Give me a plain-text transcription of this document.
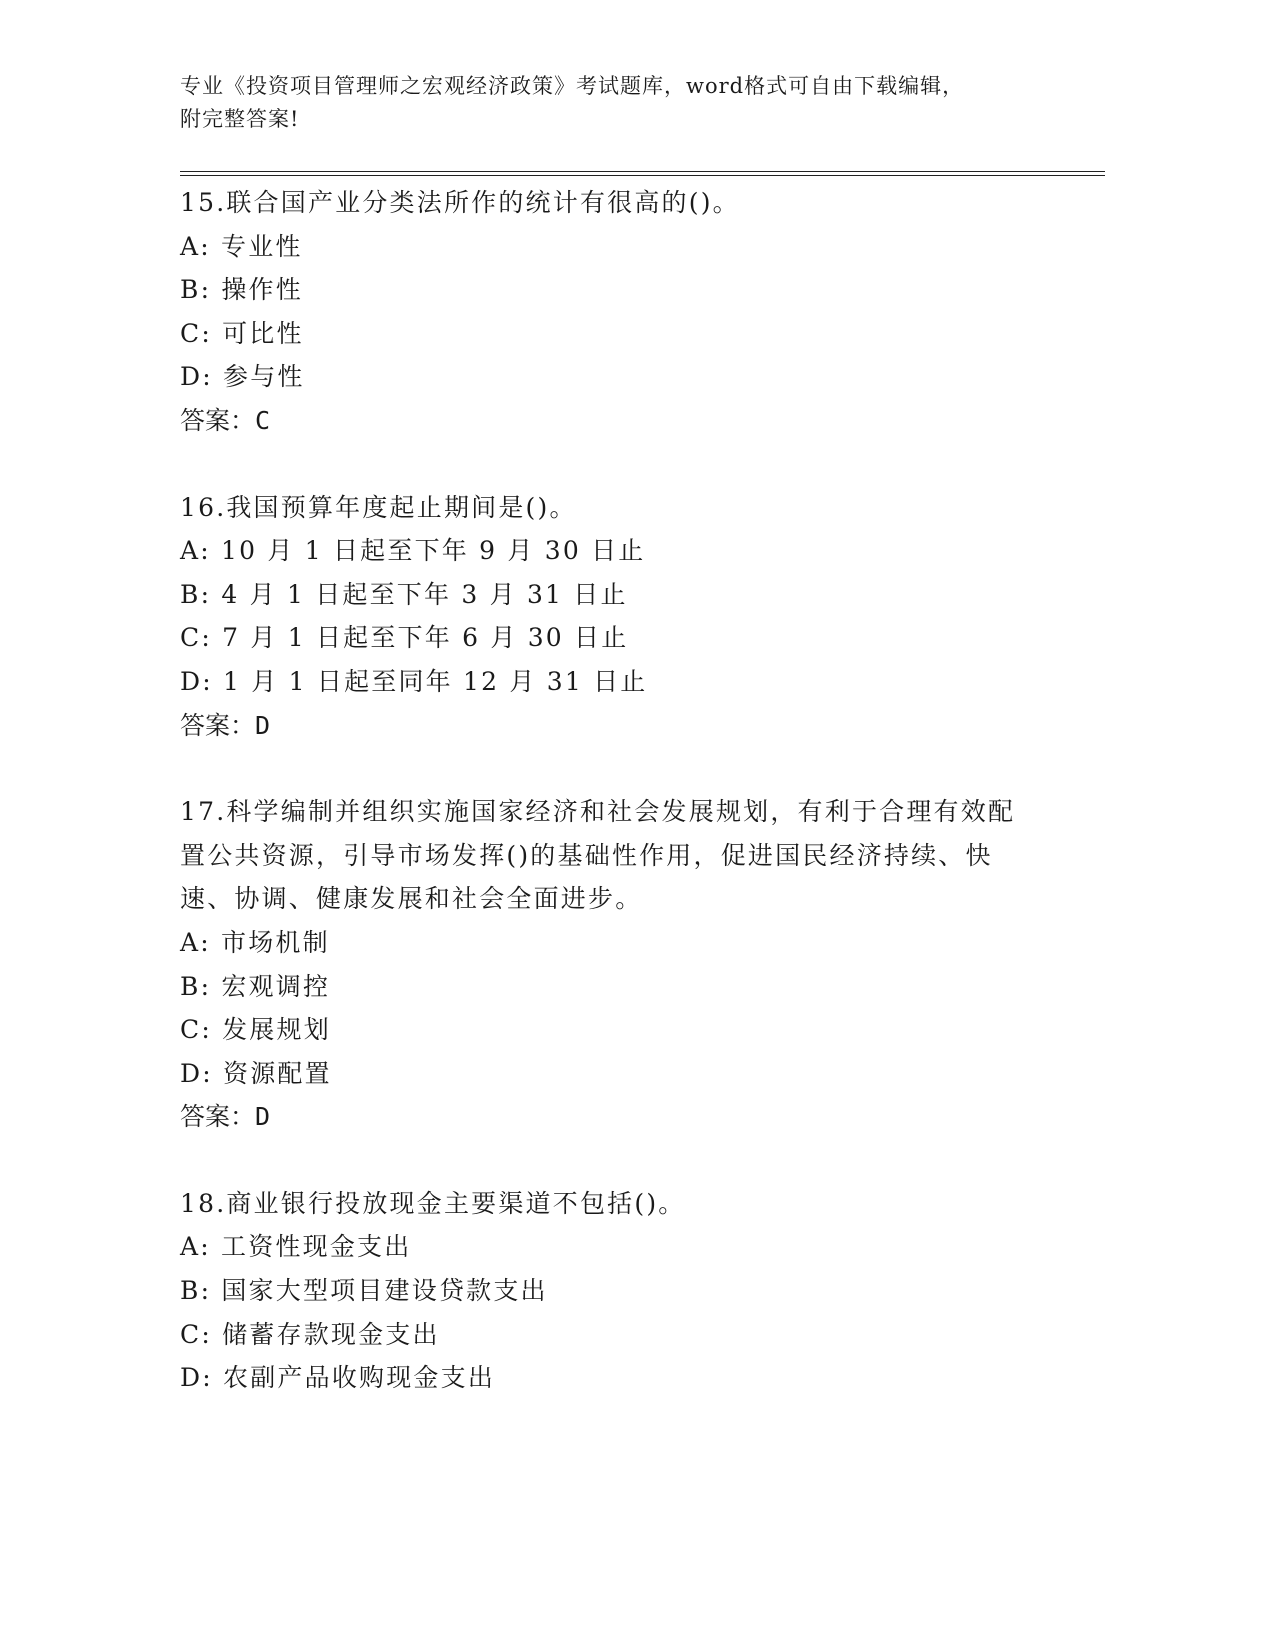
专业《投资项目管理师之宏观经济政策》考试题库，word格式可自由下载编辑，
附完整答案!
15.联合国产业分类法所作的统计有很高的()。
A: 专业性
B: 操作性
C: 可比性
D: 参与性
答案：C
16.我国预算年度起止期间是()。
A: 10 月 1 日起至下年 9 月 30 日止
B: 4 月 1 日起至下年 3 月 31 日止
C: 7 月 1 日起至下年 6 月 30 日止
D: 1 月 1 日起至同年 12 月 31 日止
答案：D
17.科学编制并组织实施国家经济和社会发展规划，有利于合理有效配
置公共资源，引导市场发挥()的基础性作用，促进国民经济持续、快
速、协调、健康发展和社会全面进步。
A: 市场机制
B: 宏观调控
C: 发展规划
D: 资源配置
答案：D
18.商业银行投放现金主要渠道不包括()。
A: 工资性现金支出
B: 国家大型项目建设贷款支出
C: 储蓄存款现金支出
D: 农副产品收购现金支出
